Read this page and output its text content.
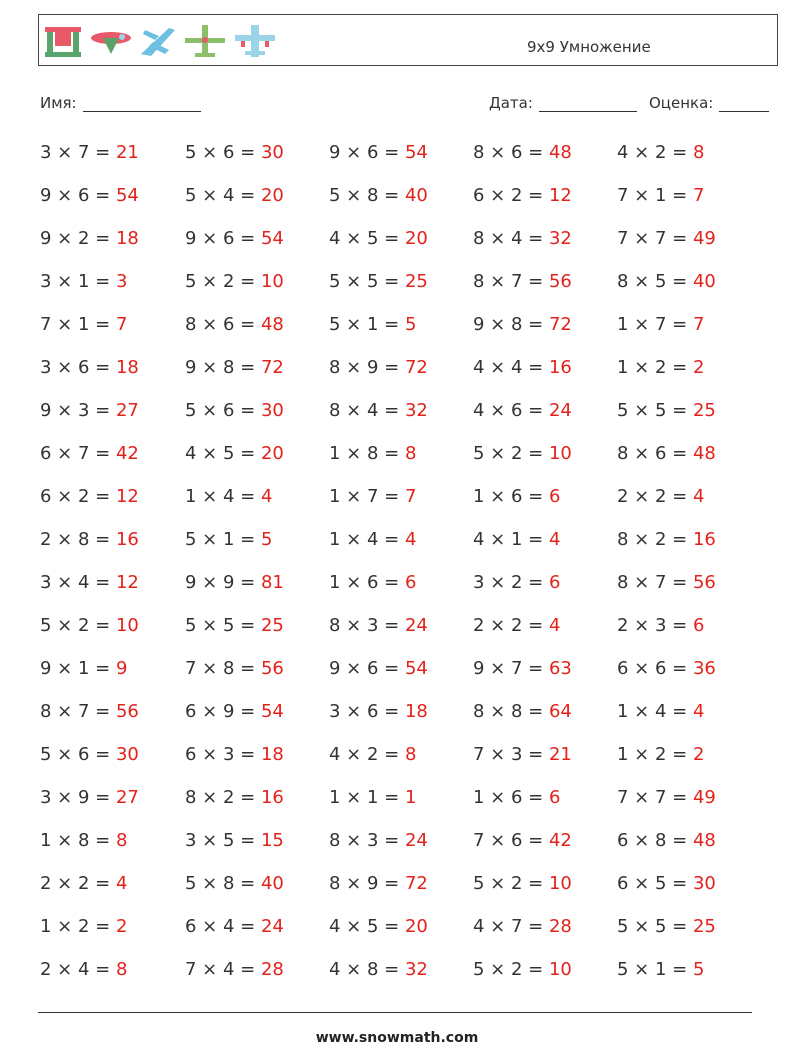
9x9 Умножение
Имя:	Дата:	Оценка:
3 × 7 = 21	5 × 6 = 30	9 × 6 = 54	8 × 6 = 48	4 × 2 = 8
9 × 6 = 54	5 × 4 = 20	5 × 8 = 40	6 × 2 = 12	7 × 1 = 7
9 × 2 = 18	9 × 6 = 54	4 × 5 = 20	8 × 4 = 32	7 × 7 = 49
3 × 1 = 3	5 × 2 = 10	5 × 5 = 25	8 × 7 = 56	8 × 5 = 40
7 × 1 = 7	8 × 6 = 48	5 × 1 = 5	9 × 8 = 72	1 × 7 = 7
3 × 6 = 18	9 × 8 = 72	8 × 9 = 72	4 × 4 = 16	1 × 2 = 2
9 × 3 = 27	5 × 6 = 30	8 × 4 = 32	4 × 6 = 24	5 × 5 = 25
6 × 7 = 42	4 × 5 = 20	1 × 8 = 8	5 × 2 = 10	8 × 6 = 48
6 × 2 = 12	1 × 4 = 4	1 × 7 = 7	1 × 6 = 6	2 × 2 = 4
2 × 8 = 16	5 × 1 = 5	1 × 4 = 4	4 × 1 = 4	8 × 2 = 16
3 × 4 = 12	9 × 9 = 81	1 × 6 = 6	3 × 2 = 6	8 × 7 = 56
5 × 2 = 10	5 × 5 = 25	8 × 3 = 24	2 × 2 = 4	2 × 3 = 6
9 × 1 = 9	7 × 8 = 56	9 × 6 = 54	9 × 7 = 63	6 × 6 = 36
8 × 7 = 56	6 × 9 = 54	3 × 6 = 18	8 × 8 = 64	1 × 4 = 4
5 × 6 = 30	6 × 3 = 18	4 × 2 = 8	7 × 3 = 21	1 × 2 = 2
3 × 9 = 27	8 × 2 = 16	1 × 1 = 1	1 × 6 = 6	7 × 7 = 49
1 × 8 = 8	3 × 5 = 15	8 × 3 = 24	7 × 6 = 42	6 × 8 = 48
2 × 2 = 4	5 × 8 = 40	8 × 9 = 72	5 × 2 = 10	6 × 5 = 30
1 × 2 = 2	6 × 4 = 24	4 × 5 = 20	4 × 7 = 28	5 × 5 = 25
2 × 4 = 8	7 × 4 = 28	4 × 8 = 32	5 × 2 = 10	5 × 1 = 5
www.snowmath.com
